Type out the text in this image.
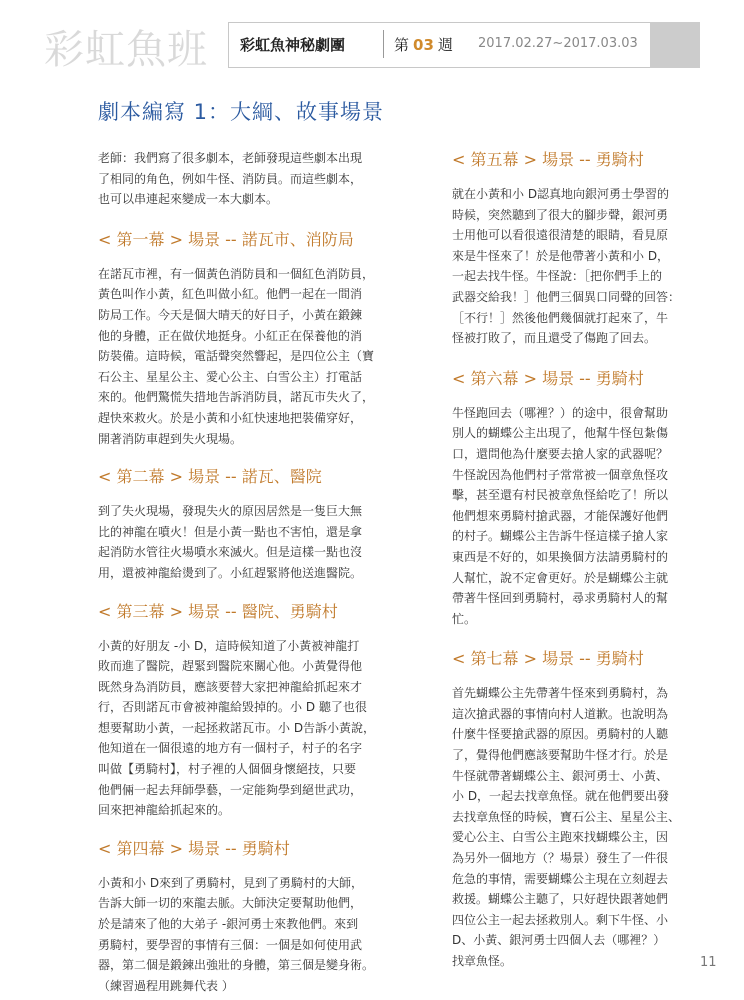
彩虹魚班 彩虹魚神秘劇團	第 03 週 2017.02.27~2017.03.03
劇本編寫 1：大綱、故事場景

老師：我們寫了很多劇本，老師發現這些劇本出現
了相同的角色，例如牛怪、消防員。而這些劇本，
也可以串連起來變成一本大劇本。

< 第一幕 > 場景 -- 諾瓦市、消防局

在諾瓦市裡，有一個黃色消防員和一個紅色消防員，
黃色叫作小黃，紅色叫做小紅。他們一起在一間消
防局工作。今天是個大晴天的好日子，小黃在鍛鍊
他的身體，正在做伏地挺身。小紅正在保養他的消
防裝備。這時候，電話聲突然響起，是四位公主（寶
石公主、星星公主、愛心公主、白雪公主）打電話
來的。他們驚慌失措地告訴消防員，諾瓦市失火了，
趕快來救火。於是小黃和小紅快速地把裝備穿好，
開著消防車趕到失火現場。

< 第二幕 > 場景 -- 諾瓦、醫院

到了失火現場，發現失火的原因居然是一隻巨大無
比的神龍在噴火！但是小黃一點也不害怕，還是拿
起消防水管往火場噴水來滅火。但是這樣一點也沒
用，還被神龍給燙到了。小紅趕緊將他送進醫院。

< 第三幕 > 場景 -- 醫院、勇騎村

小黃的好朋友 -小 D，這時候知道了小黃被神龍打
敗而進了醫院，趕緊到醫院來關心他。小黃覺得他
既然身為消防員，應該要替大家把神龍給抓起來才
行，否則諾瓦市會被神龍給毀掉的。小 D 聽了也很
想要幫助小黃，一起拯救諾瓦市。小 D告訴小黃說，
他知道在一個很遠的地方有一個村子，村子的名字
叫做【勇騎村】，村子裡的人個個身懷絕技，只要
他們倆一起去拜師學藝，一定能夠學到絕世武功，
回來把神龍給抓起來的。

< 第四幕 > 場景 -- 勇騎村

小黃和小 D來到了勇騎村，見到了勇騎村的大師，
告訴大師一切的來龍去脈。大師決定要幫助他們，
於是請來了他的大弟子 -銀河勇士來教他們。來到
勇騎村，要學習的事情有三個：一個是如何使用武
器，第二個是鍛鍊出強壯的身體，第三個是變身術。
（練習過程用跳舞代表 ）

< 第五幕 > 場景 -- 勇騎村

就在小黃和小 D認真地向銀河勇士學習的
時候，突然聽到了很大的腳步聲，銀河勇
士用他可以看很遠很清楚的眼睛，看見原
來是牛怪來了！於是他帶著小黃和小 D，
一起去找牛怪。牛怪說：［把你們手上的
武器交給我！］他們三個異口同聲的回答：
［不行！］然後他們幾個就打起來了，牛
怪被打敗了，而且還受了傷跑了回去。

< 第六幕 > 場景 -- 勇騎村

牛怪跑回去（哪裡？）的途中，很會幫助
別人的蝴蝶公主出現了，他幫牛怪包紮傷
口，還問他為什麼要去搶人家的武器呢？
牛怪說因為他們村子常常被一個章魚怪攻
擊，甚至還有村民被章魚怪給吃了！所以
他們想來勇騎村搶武器，才能保護好他們
的村子。蝴蝶公主告訴牛怪這樣子搶人家
東西是不好的，如果換個方法請勇騎村的
人幫忙，說不定會更好。於是蝴蝶公主就
帶著牛怪回到勇騎村，尋求勇騎村人的幫
忙。

< 第七幕 > 場景 -- 勇騎村

首先蝴蝶公主先帶著牛怪來到勇騎村，為
這次搶武器的事情向村人道歉。也說明為
什麼牛怪要搶武器的原因。勇騎村的人聽
了，覺得他們應該要幫助牛怪才行。於是
牛怪就帶著蝴蝶公主、銀河勇士、小黃、
小 D，一起去找章魚怪。就在他們要出發
去找章魚怪的時候，寶石公主、星星公主、
愛心公主、白雪公主跑來找蝴蝶公主，因
為另外一個地方（？場景）發生了一件很
危急的事情，需要蝴蝶公主現在立刻趕去
救援。蝴蝶公主聽了，只好趕快跟著她們
四位公主一起去拯救別人。剩下牛怪、小
D、小黃、銀河勇士四個人去（哪裡？）
找章魚怪。	11
